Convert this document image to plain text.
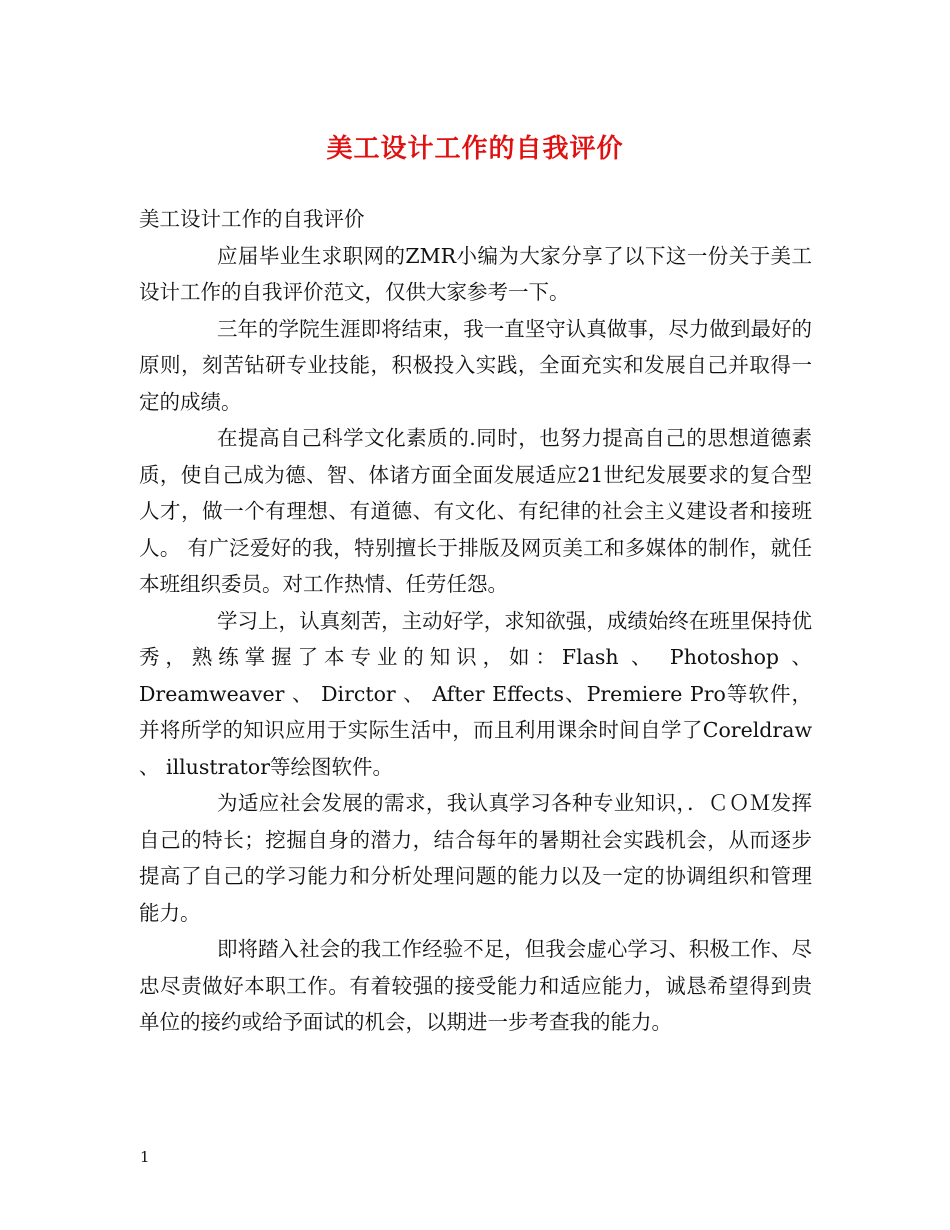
美工设计工作的自我评价

美工设计工作的自我评价

应届毕业生求职网的ZMR小编为大家分享了以下这一份关于美工设计工作的自我评价范文，仅供大家参考一下。

三年的学院生涯即将结束，我一直坚守认真做事，尽力做到最好的原则，刻苦钻研专业技能，积极投入实践，全面充实和发展自己并取得一定的成绩。

在提高自己科学文化素质的.同时，也努力提高自己的思想道德素质，使自己成为德、智、体诸方面全面发展适应21世纪发展要求的复合型人才，做一个有理想、有道德、有文化、有纪律的社会主义建设者和接班人。 有广泛爱好的我，特别擅长于排版及网页美工和多媒体的制作，就任本班组织委员。对工作热情、任劳任怨。

学习上，认真刻苦，主动好学，求知欲强，成绩始终在班里保持优秀，熟练掌握了本专业的知识，如：Flash 、 Photoshop 、 Dreamweaver 、 Dirctor 、 After Effects、Premiere Pro等软件，并将所学的知识应用于实际生活中，而且利用课余时间自学了Coreldraw 、 illustrator等绘图软件。

为适应社会发展的需求，我认真学习各种专业知识，．ＣＯＭ发挥自己的特长；挖掘自身的潜力，结合每年的暑期社会实践机会，从而逐步提高了自己的学习能力和分析处理问题的能力以及一定的协调组织和管理能力。

即将踏入社会的我工作经验不足，但我会虚心学习、积极工作、尽忠尽责做好本职工作。有着较强的接受能力和适应能力，诚恳希望得到贵单位的接约或给予面试的机会，以期进一步考查我的能力。

1
